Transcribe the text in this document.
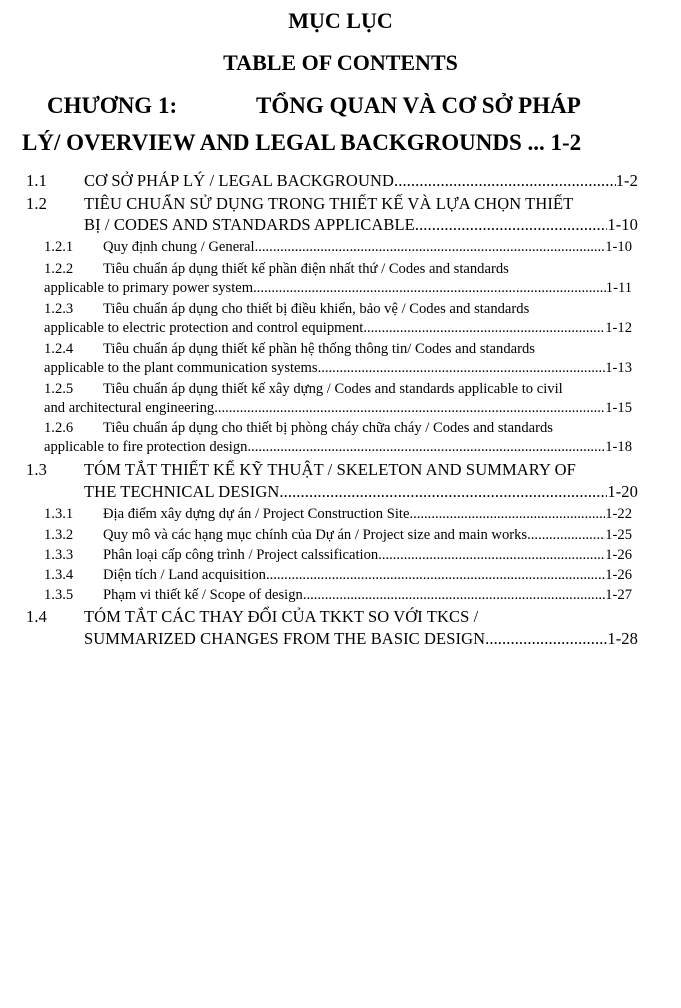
MỤC LỤC
TABLE OF CONTENTS
CHƯƠNG 1:	TỔNG QUAN VÀ CƠ SỞ PHÁP
LÝ/ OVERVIEW AND LEGAL BACKGROUNDS ... 1-2
1.1	CƠ SỞ PHÁP LÝ / LEGAL BACKGROUND .....	1-2
1.2 TIÊU CHUẨN SỬ DỤNG TRONG THIẾT KẾ VÀ LỰA CHỌN THIẾT
BỊ / CODES AND STANDARDS APPLICABLE .....	1-10
1.2.1	Quy định chung / General .....	1-10
1.2.2 Tiêu chuẩn áp dụng thiết kế phần điện nhất thứ / Codes and standards
applicable to primary power system .....	1-11
1.2.3 Tiêu chuẩn áp dụng cho thiết bị điều khiển, bảo vệ / Codes and standards
applicable to electric protection and control equipment .....	1-12
1.2.4 Tiêu chuẩn áp dụng thiết kế phần hệ thống thông tin/ Codes and standards
applicable to the plant communication systems .....	1-13
1.2.5 Tiêu chuẩn áp dụng thiết kế xây dựng / Codes and standards applicable to civil
and architectural engineering .....	1-15
1.2.6 Tiêu chuẩn áp dụng cho thiết bị phòng cháy chữa cháy / Codes and standards
applicable to fire protection design .....	1-18
1.3 TÓM TẮT THIẾT KẾ KỸ THUẬT / SKELETON AND SUMMARY OF
THE TECHNICAL DESIGN .....	1-20
1.3.1	Địa điểm xây dựng dự án / Project Construction Site .....	1-22
1.3.2	Quy mô và các hạng mục chính của Dự án / Project size and main works .....	1-25
1.3.3	Phân loại cấp công trình / Project calssification .....	1-26
1.3.4	Diện tích / Land acquisition .....	1-26
1.3.5	Phạm vi thiết kế / Scope of design .....	1-27
1.4 TÓM TẮT CÁC THAY ĐỔI CỦA TKKT SO VỚI TKCS /
SUMMARIZED CHANGES FROM THE BASIC DESIGN .....	1-28
